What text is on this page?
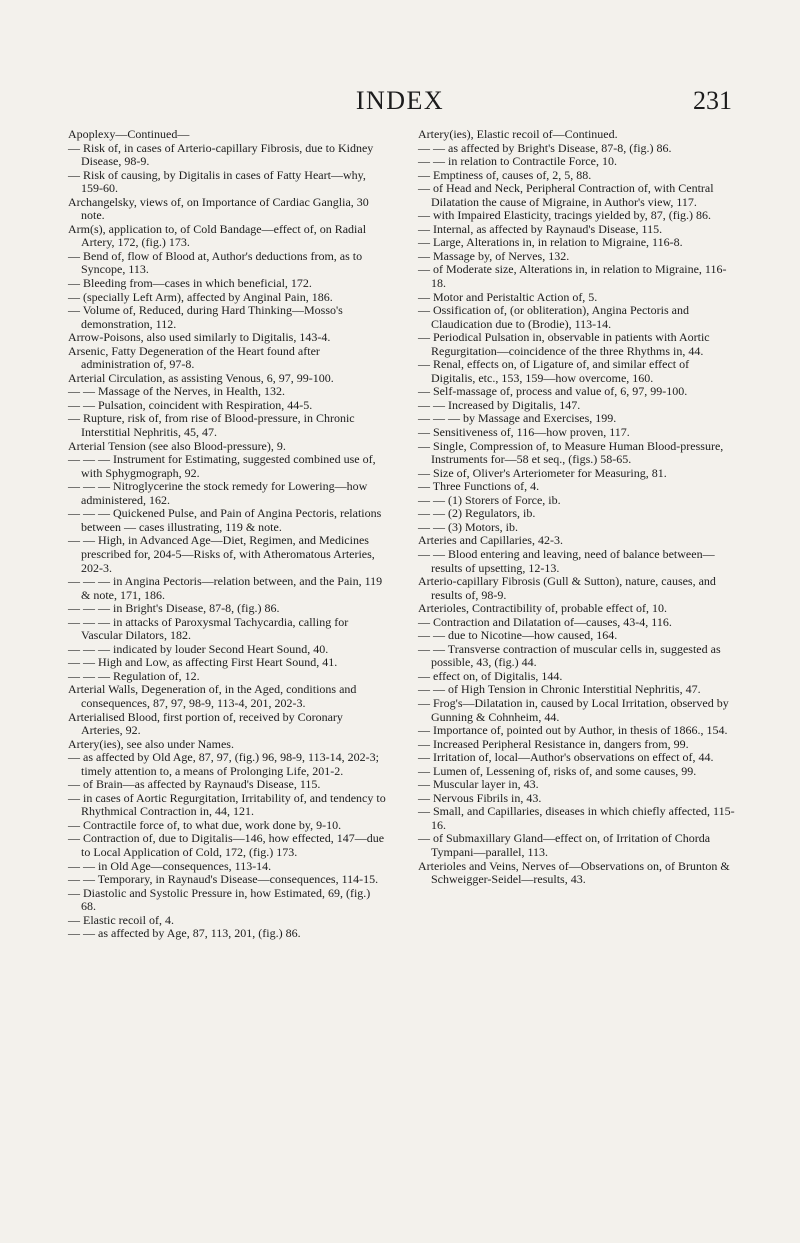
INDEX	231

Apoplexy—Continued—

— Risk of, in cases of Arterio-capillary Fibrosis, due to Kidney Disease, 98-9.

— Risk of causing, by Digitalis in cases of Fatty Heart—why, 159-60.

Archangelsky, views of, on Importance of Cardiac Ganglia, 30 note.

Arm(s), application to, of Cold Bandage—effect of, on Radial Artery, 172, (fig.) 173.

— Bend of, flow of Blood at, Author's deductions from, as to Syncope, 113.

— Bleeding from—cases in which beneficial, 172.

— (specially Left Arm), affected by Anginal Pain, 186.

— Volume of, Reduced, during Hard Thinking—Mosso's demonstration, 112.

Arrow-Poisons, also used similarly to Digitalis, 143-4.

Arsenic, Fatty Degeneration of the Heart found after administration of, 97-8.

Arterial Circulation, as assisting Venous, 6, 97, 99-100.

— — Massage of the Nerves, in Health, 132.

— — Pulsation, coincident with Respiration, 44-5.

— Rupture, risk of, from rise of Blood-pressure, in Chronic Interstitial Nephritis, 45, 47.

Arterial Tension (see also Blood-pressure), 9.

— — — Instrument for Estimating, suggested combined use of, with Sphygmograph, 92.

— — — Nitroglycerine the stock remedy for Lowering—how administered, 162.

— — — Quickened Pulse, and Pain of Angina Pectoris, relations between — cases illustrating, 119 & note.

— — High, in Advanced Age—Diet, Regimen, and Medicines prescribed for, 204-5—Risks of, with Atheromatous Arteries, 202-3.

— — — in Angina Pectoris—relation between, and the Pain, 119 & note, 171, 186.

— — — in Bright's Disease, 87-8, (fig.) 86.

— — — in attacks of Paroxysmal Tachycardia, calling for Vascular Dilators, 182.

— — — indicated by louder Second Heart Sound, 40.

— — High and Low, as affecting First Heart Sound, 41.

— — — Regulation of, 12.

Arterial Walls, Degeneration of, in the Aged, conditions and consequences, 87, 97, 98-9, 113-4, 201, 202-3.

Arterialised Blood, first portion of, received by Coronary Arteries, 92.

Artery(ies), see also under Names.

— as affected by Old Age, 87, 97, (fig.) 96, 98-9, 113-14, 202-3; timely attention to, a means of Prolonging Life, 201-2.

— of Brain—as affected by Raynaud's Disease, 115.

— in cases of Aortic Regurgitation, Irritability of, and tendency to Rhythmical Contraction in, 44, 121.

— Contractile force of, to what due, work done by, 9-10.

— Contraction of, due to Digitalis—146, how effected, 147—due to Local Application of Cold, 172, (fig.) 173.

— — in Old Age—consequences, 113-14.

— — Temporary, in Raynaud's Disease—consequences, 114-15.

— Diastolic and Systolic Pressure in, how Estimated, 69, (fig.) 68.

— Elastic recoil of, 4.

— — as affected by Age, 87, 113, 201, (fig.) 86.

Artery(ies), Elastic recoil of—Continued.

— — as affected by Bright's Disease, 87-8, (fig.) 86.

— — in relation to Contractile Force, 10.

— Emptiness of, causes of, 2, 5, 88.

— of Head and Neck, Peripheral Contraction of, with Central Dilatation the cause of Migraine, in Author's view, 117.

— with Impaired Elasticity, tracings yielded by, 87, (fig.) 86.

— Internal, as affected by Raynaud's Disease, 115.

— Large, Alterations in, in relation to Migraine, 116-8.

— Massage by, of Nerves, 132.

— of Moderate size, Alterations in, in relation to Migraine, 116-18.

— Motor and Peristaltic Action of, 5.

— Ossification of, (or obliteration), Angina Pectoris and Claudication due to (Brodie), 113-14.

— Periodical Pulsation in, observable in patients with Aortic Regurgitation—coincidence of the three Rhythms in, 44.

— Renal, effects on, of Ligature of, and similar effect of Digitalis, etc., 153, 159—how overcome, 160.

— Self-massage of, process and value of, 6, 97, 99-100.

— — Increased by Digitalis, 147.

— — — by Massage and Exercises, 199.

— Sensitiveness of, 116—how proven, 117.

— Single, Compression of, to Measure Human Blood-pressure, Instruments for—58 et seq., (figs.) 58-65.

— Size of, Oliver's Arteriometer for Measuring, 81.

— Three Functions of, 4.

— — (1) Storers of Force, ib.

— — (2) Regulators, ib.

— — (3) Motors, ib.

Arteries and Capillaries, 42-3.

— — Blood entering and leaving, need of balance between—results of upsetting, 12-13.

Arterio-capillary Fibrosis (Gull & Sutton), nature, causes, and results of, 98-9.

Arterioles, Contractibility of, probable effect of, 10.

— Contraction and Dilatation of—causes, 43-4, 116.

— — due to Nicotine—how caused, 164.

— — Transverse contraction of muscular cells in, suggested as possible, 43, (fig.) 44.

— effect on, of Digitalis, 144.

— — of High Tension in Chronic Interstitial Nephritis, 47.

— Frog's—Dilatation in, caused by Local Irritation, observed by Gunning & Cohnheim, 44.

— Importance of, pointed out by Author, in thesis of 1866., 154.

— Increased Peripheral Resistance in, dangers from, 99.

— Irritation of, local—Author's observations on effect of, 44.

— Lumen of, Lessening of, risks of, and some causes, 99.

— Muscular layer in, 43.

— Nervous Fibrils in, 43.

— Small, and Capillaries, diseases in which chiefly affected, 115-16.

— of Submaxillary Gland—effect on, of Irritation of Chorda Tympani—parallel, 113.

Arterioles and Veins, Nerves of—Observations on, of Brunton & Schweigger-Seidel—results, 43.
